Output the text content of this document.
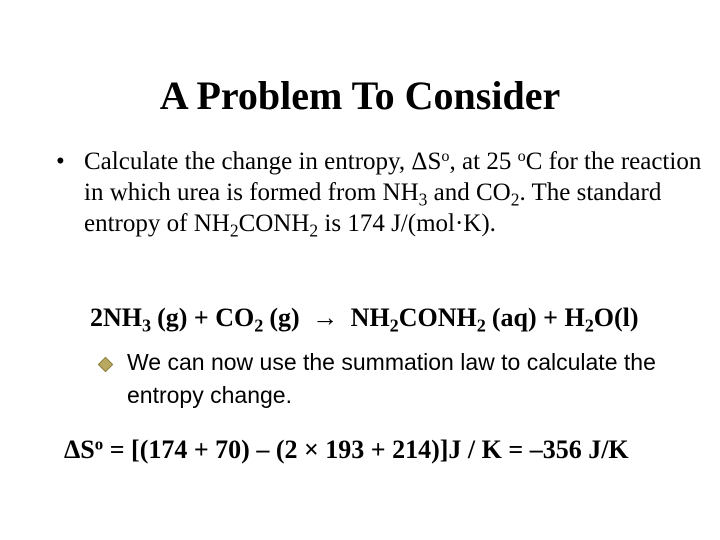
A Problem To Consider
• Calculate the change in entropy, $\Delta S^o$, at 25 $^o$C for the reaction in which urea is formed from $NH_3$ and $CO_2$. The standard entropy of $NH_2CONH_2$ is 174 J/(mol·K).
$2NH_3$ $(g) + CO_2$ $(g) \to NH_2CONH_2$ $(aq) + H_2O(l)$
We can now use the summation law to calculate the entropy change.
$\Delta S^o = [(174 + 70) - (2 \times 193 + 214)]J / K = -356$ J/K
